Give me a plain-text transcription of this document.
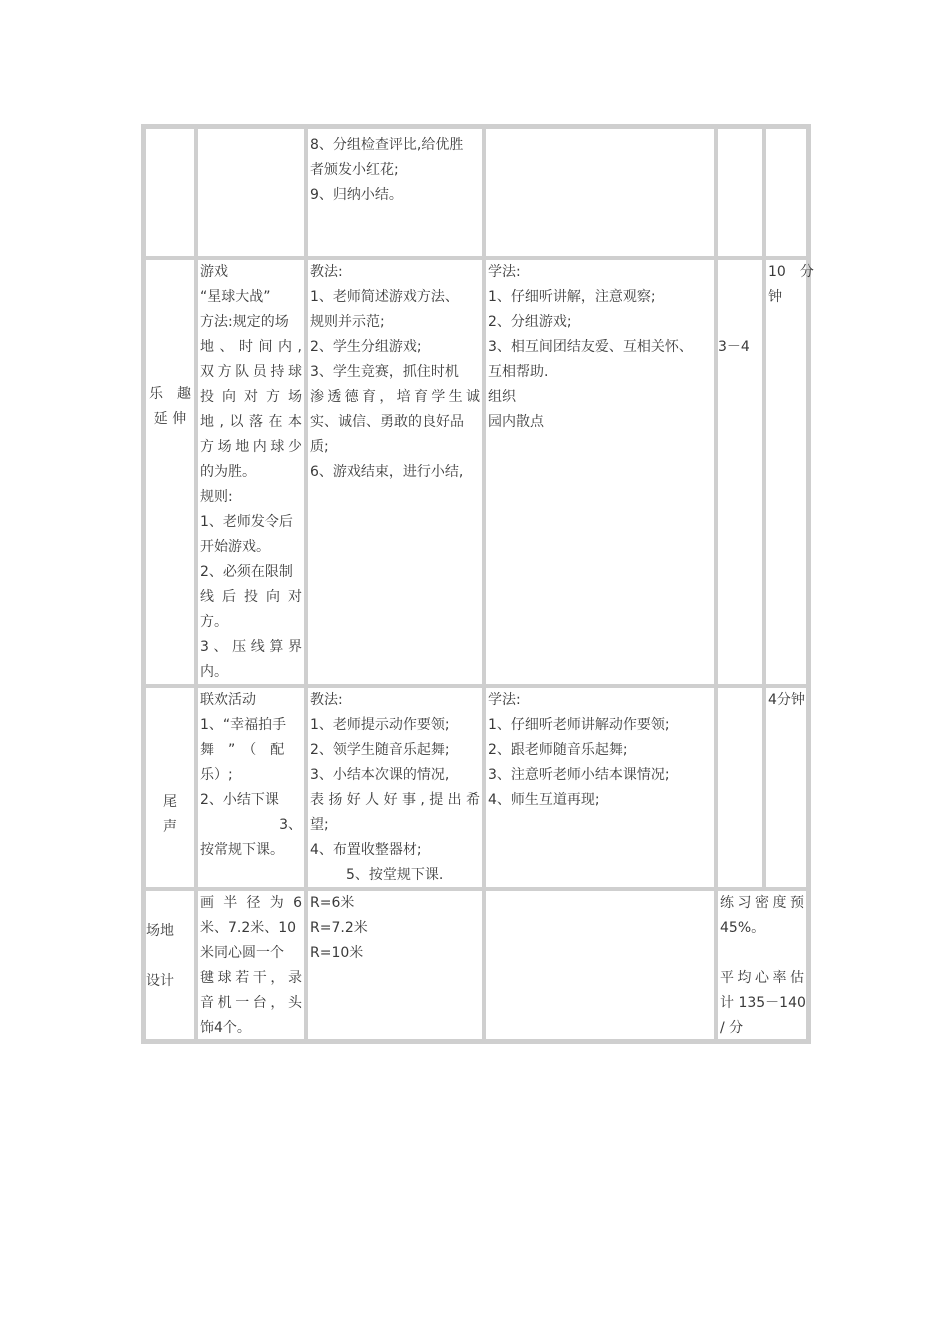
8、分组检查评比,给优胜
者颁发小红花;
9、归纳小结。
乐　趣
延 伸
游戏
“星球大战”
方法:规定的场
地、时间内,
双方队员持球
投向对方场
地,以落在本
方场地内球少
的为胜。
规则:
1、老师发令后
开始游戏。
2、必须在限制
线后投向对
方。
3、压线算界
内。
教法:
1、老师简述游戏方法、
规则并示范;
2、学生分组游戏;
3、学生竞赛，抓住时机
渗透德育，培育学生诚
实、诚信、勇敢的良好品
质;
6、游戏结束，进行小结,
学法:
1、仔细听讲解，注意观察;
2、分组游戏;
3、相互间团结友爱、互相关怀、
互相帮助.
组织
园内散点
3－4
10　分
钟
尾
声
联欢活动
1、“幸福拍手
舞　”　（　配
乐）;
2、小结下课
3、
按常规下课。
教法:
1、老师提示动作要领;
2、领学生随音乐起舞;
3、小结本次课的情况,
表扬好人好事,提出希
望;
4、布置收整器材;
5、按堂规下课.
学法:
1、仔细听老师讲解动作要领;
2、跟老师随音乐起舞;
3、注意听老师小结本课情况;
4、师生互道再现;
4分钟
场地
设计
画半径为6
米、7.2米、10
米同心圆一个
毽球若干，录
音机一台，头
饰4个。
R=6米
R=7.2米
R=10米
练习密度预
45%。

平均心率估
计 135－140
/ 分
